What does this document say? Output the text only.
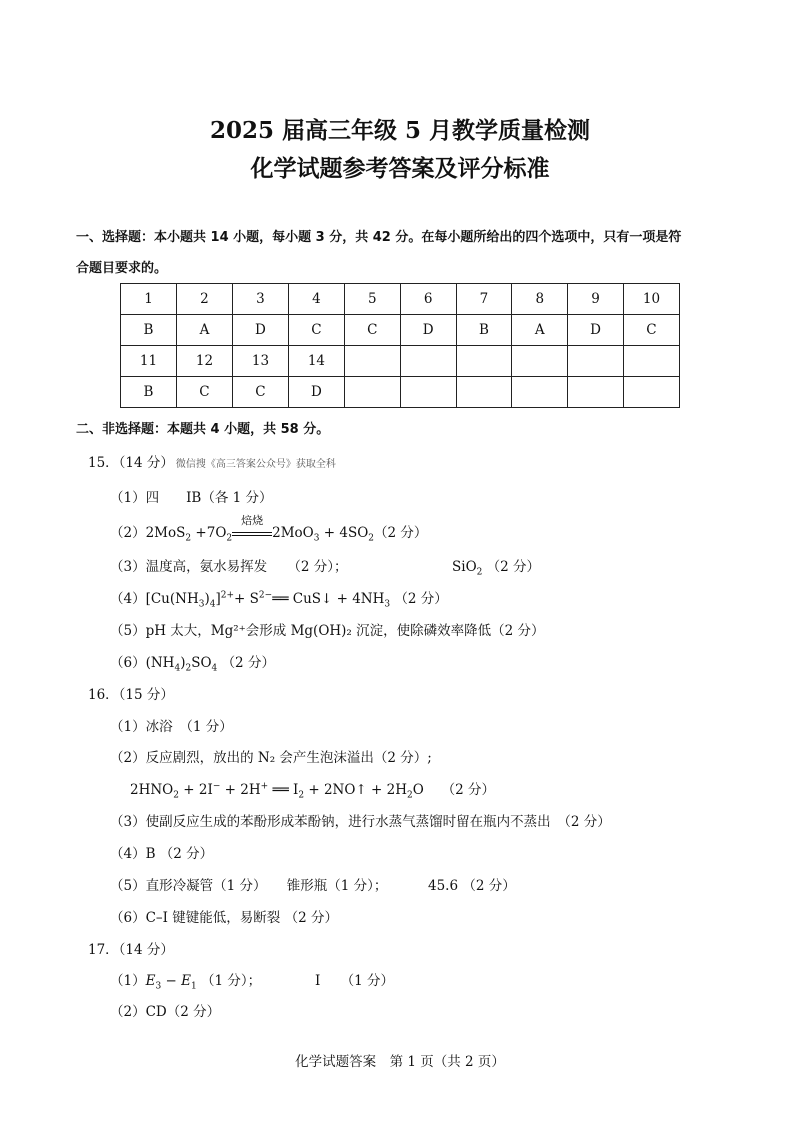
2025 届高三年级 5 月教学质量检测
化学试题参考答案及评分标准
一、选择题：本小题共 14 小题，每小题 3 分，共 42 分。在每小题所给出的四个选项中，只有一项是符
合题目要求的。
1	2	3	4	5	6	7	8	9	10
B	A	D	C	C	D	B	A	D	C
11	12	13	14						
B	C	C	D						
二、非选择题：本题共 4 小题，共 58 分。
15．（14 分） 微信搜《高三答案公众号》获取全科
（1）四　　IB（各 1 分）
$(2)2MoS_2 +7O_2$
焙烧
$2MoO_3 + 4SO_2(2$ 分）
（3）温度高，氨水易挥发　　（2 分）；	SiO$_2$ （2 分）
$(4)[Cu(NH_3)_4]^{2+}+$ $S^{2-}══$ CuS↓ + $4NH_3$ （2 分）
（5）pH 太大，Mg²⁺会形成 Mg(OH)₂ 沉淀，使除磷效率降低（2 分）
$(6)(NH_4)_2SO_4$ （2 分）
16．（15 分）
（1）冰浴　（1 分）
（2）反应剧烈，放出的 N₂ 会产生泡沫溢出（2 分）;
$2HNO_2 + 2I^- + 2H^+$ ══ $I_2$ + 2NO↑ + $2H_2O$　 （2 分）
（3）使副反应生成的苯酚形成苯酚钠，进行水蒸气蒸馏时留在瓶内不蒸出　（2 分）
（4）B （2 分）
（5）直形冷凝管（1 分）　　锥形瓶（1 分）；	45.6 （2 分）
（6）C–I 键键能低，易断裂 （2 分）
17．（14 分）
$(1)E_3 - E_1$ （1 分）；	I　　（1 分）
（2）CD（2 分）
化学试题答案　第 1 页（共 2 页）
